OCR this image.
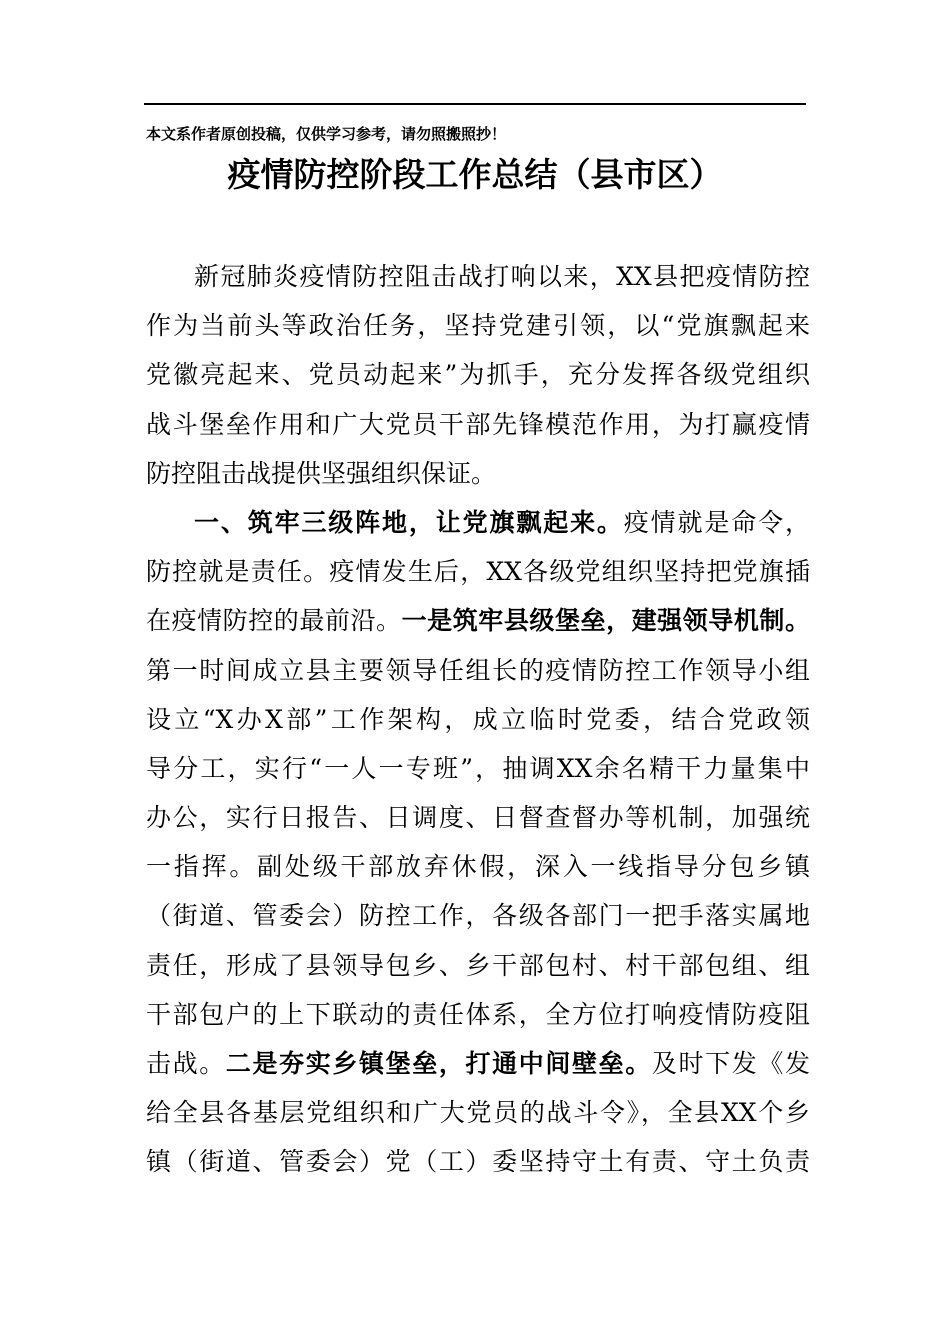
本文系作者原创投稿，仅供学习参考，请勿照搬照抄！
疫情防控阶段工作总结（县市区）
新冠肺炎疫情防控阻击战打响以来，XX县把疫情防控
作为当前头等政治任务，坚持党建引领，以“党旗飘起来
党徽亮起来、党员动起来”为抓手，充分发挥各级党组织
战斗堡垒作用和广大党员干部先锋模范作用，为打赢疫情
防控阻击战提供坚强组织保证。
一、筑牢三级阵地，让党旗飘起来。疫情就是命令，
防控就是责任。疫情发生后，XX各级党组织坚持把党旗插
在疫情防控的最前沿。一是筑牢县级堡垒，建强领导机制。
第一时间成立县主要领导任组长的疫情防控工作领导小组
设立“X办X部”工作架构，成立临时党委，结合党政领
导分工，实行“一人一专班”，抽调XX余名精干力量集中
办公，实行日报告、日调度、日督查督办等机制，加强统
一指挥。副处级干部放弃休假，深入一线指导分包乡镇
（街道、管委会）防控工作，各级各部门一把手落实属地
责任，形成了县领导包乡、乡干部包村、村干部包组、组
干部包户的上下联动的责任体系，全方位打响疫情防疫阻
击战。二是夯实乡镇堡垒，打通中间壁垒。及时下发《发
给全县各基层党组织和广大党员的战斗令》，全县XX个乡
镇（街道、管委会）党（工）委坚持守土有责、守土负责
